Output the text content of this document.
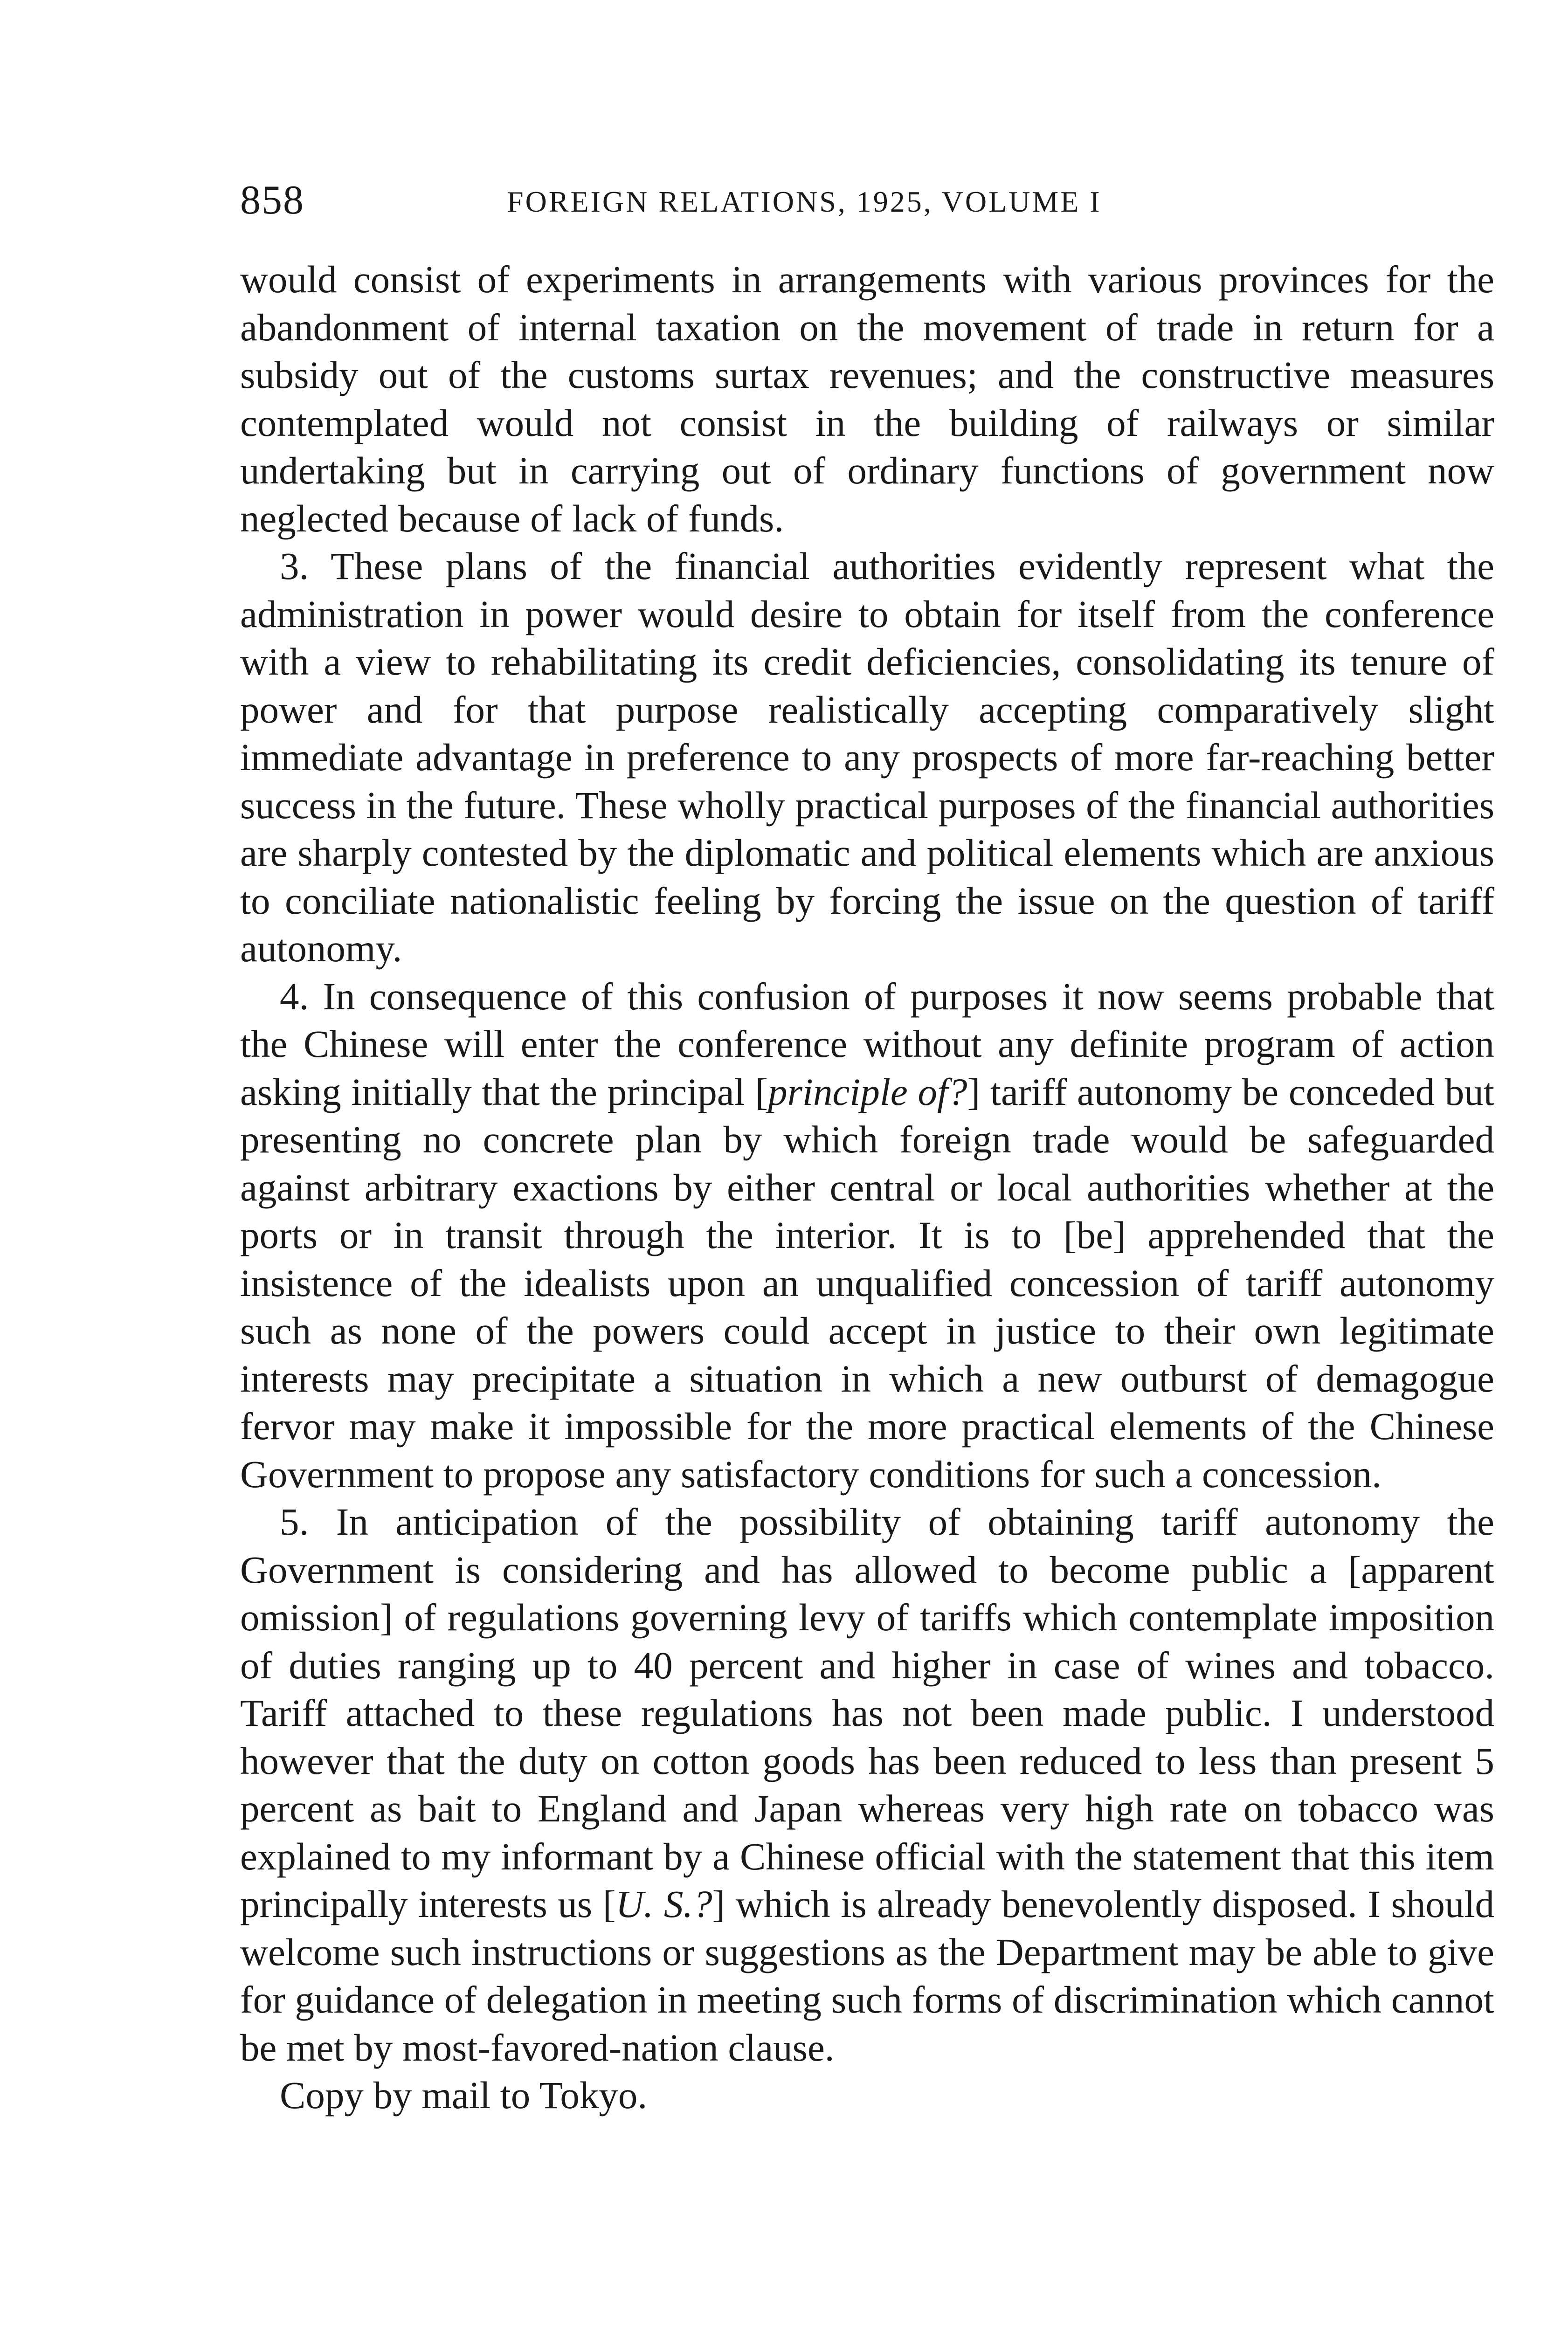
858	FOREIGN RELATIONS, 1925, VOLUME I

would consist of experiments in arrangements with various provinces for the abandonment of internal taxation on the movement of trade in return for a subsidy out of the customs surtax revenues; and the constructive measures contemplated would not consist in the building of railways or similar undertaking but in carrying out of ordinary functions of government now neglected because of lack of funds.

3. These plans of the financial authorities evidently represent what the administration in power would desire to obtain for itself from the conference with a view to rehabilitating its credit deficiencies, consolidating its tenure of power and for that purpose realistically accepting comparatively slight immediate advantage in preference to any prospects of more far-reaching better success in the future. These wholly practical purposes of the financial authorities are sharply contested by the diplomatic and political elements which are anxious to conciliate nationalistic feeling by forcing the issue on the question of tariff autonomy.

4. In consequence of this confusion of purposes it now seems probable that the Chinese will enter the conference without any definite program of action asking initially that the principal [principle of?] tariff autonomy be conceded but presenting no concrete plan by which foreign trade would be safeguarded against arbitrary exactions by either central or local authorities whether at the ports or in transit through the interior. It is to [be] apprehended that the insistence of the idealists upon an unqualified concession of tariff autonomy such as none of the powers could accept in justice to their own legitimate interests may precipitate a situation in which a new outburst of demagogue fervor may make it impossible for the more practical elements of the Chinese Government to propose any satisfactory conditions for such a concession.

5. In anticipation of the possibility of obtaining tariff autonomy the Government is considering and has allowed to become public a [apparent omission] of regulations governing levy of tariffs which contemplate imposition of duties ranging up to 40 percent and higher in case of wines and tobacco. Tariff attached to these regulations has not been made public. I understood however that the duty on cotton goods has been reduced to less than present 5 percent as bait to England and Japan whereas very high rate on tobacco was explained to my informant by a Chinese official with the statement that this item principally interests us [U. S.?] which is already benevolently disposed. I should welcome such instructions or suggestions as the Department may be able to give for guidance of delegation in meeting such forms of discrimination which cannot be met by most-favored-nation clause.

Copy by mail to Tokyo.
